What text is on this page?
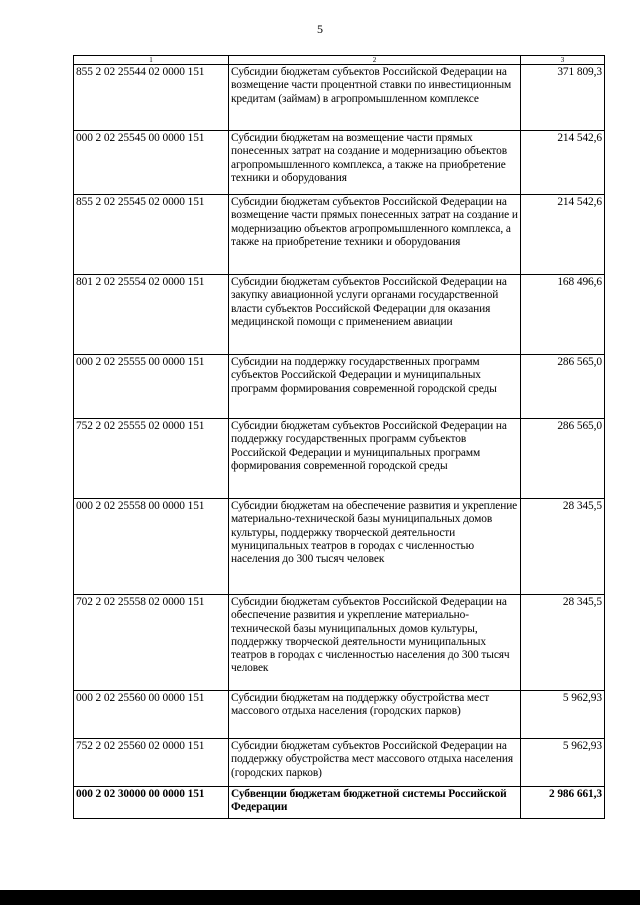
5
1	2	3
855 2 02 25544 02 0000 151	Субсидии бюджетам субъектов Российской Федерации на возмещение части процентной ставки по инвестиционным кредитам (займам) в агропромышленном комплексе	371 809,3
000 2 02 25545 00 0000 151	Субсидии бюджетам на возмещение части прямых понесенных затрат на создание и модернизацию объектов агропромышленного комплекса, а также на приобретение техники и оборудования	214 542,6
855 2 02 25545 02 0000 151	Субсидии бюджетам субъектов Российской Федерации на возмещение части прямых понесенных затрат на создание и модернизацию объектов агропромышленного комплекса, а также на приобретение техники и оборудования	214 542,6
801 2 02 25554 02 0000 151	Субсидии бюджетам субъектов Российской Федерации на закупку авиационной услуги органами государственной власти субъектов Российской Федерации для оказания медицинской помощи с применением авиации	168 496,6
000 2 02 25555 00 0000 151	Субсидии на поддержку государственных программ субъектов Российской Федерации и муниципальных программ формирования современной городской среды	286 565,0
752 2 02 25555 02 0000 151	Субсидии бюджетам субъектов Российской Федерации на поддержку государственных программ субъектов Российской Федерации и муниципальных программ формирования современной городской среды	286 565,0
000 2 02 25558 00 0000 151	Субсидии бюджетам на обеспечение развития и укрепление материально-технической базы муниципальных домов культуры, поддержку творческой деятельности муниципальных театров в городах с численностью населения до 300 тысяч человек	28 345,5
702 2 02 25558 02 0000 151	Субсидии бюджетам субъектов Российской Федерации на обеспечение развития и укрепление материально-технической базы муниципальных домов культуры, поддержку творческой деятельности муниципальных театров в городах с численностью населения до 300 тысяч человек	28 345,5
000 2 02 25560 00 0000 151	Субсидии бюджетам на поддержку обустройства мест массового отдыха населения (городских парков)	5 962,93
752 2 02 25560 02 0000 151	Субсидии бюджетам субъектов Российской Федерации на поддержку обустройства мест массового отдыха населения (городских парков)	5 962,93
000 2 02 30000 00 0000 151	Субвенции бюджетам бюджетной системы Российской Федерации	2 986 661,3
